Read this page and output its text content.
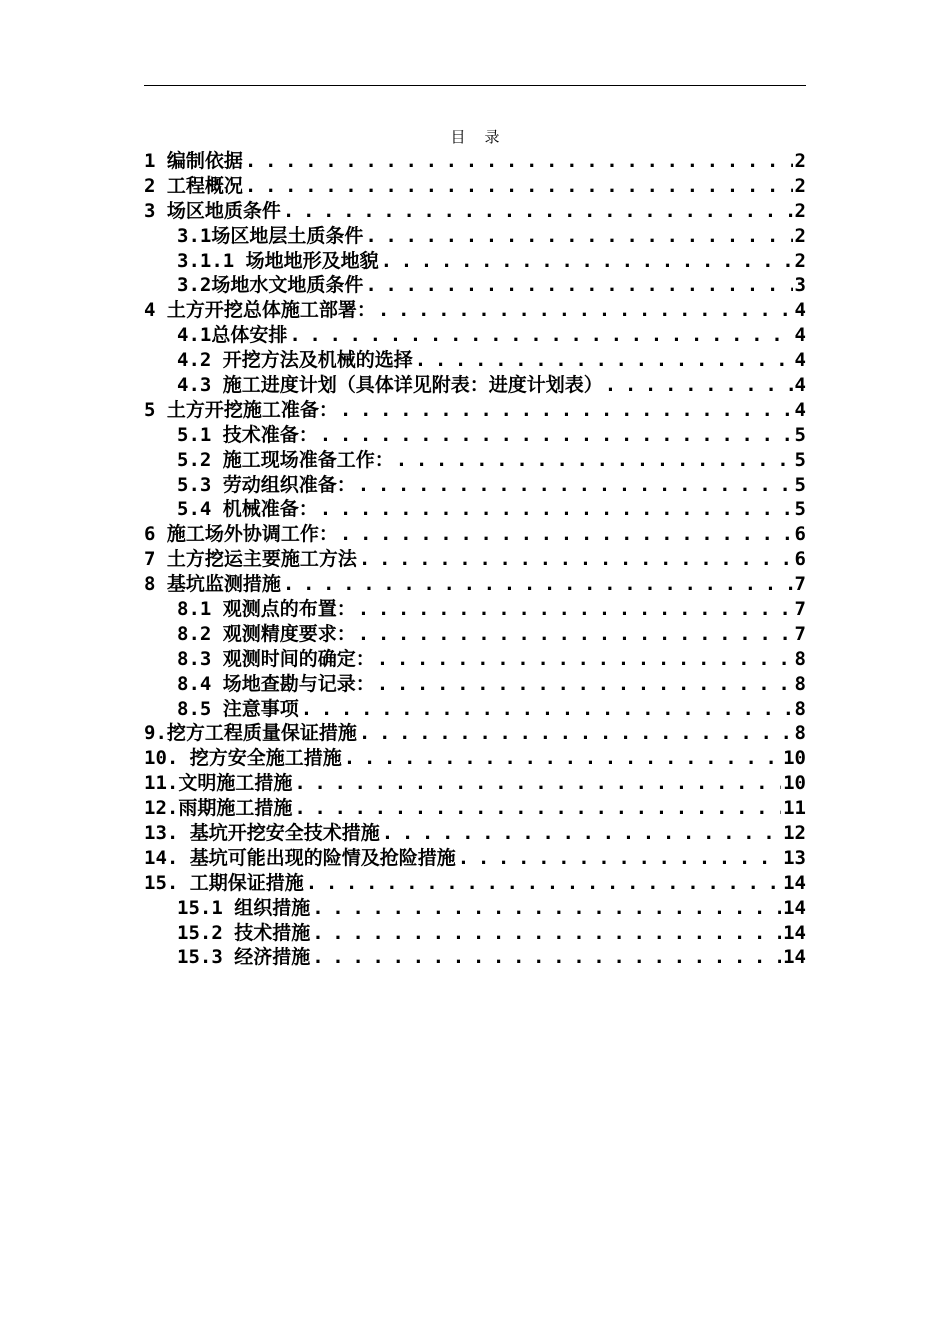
目    录
1 编制依据 . . .	2
2 工程概况 . . .	2
3 场区地质条件 . . .	2
3.1场区地层土质条件 . . .	2
3.1.1 场地地形及地貌 . . .	2
3.2场地水文地质条件 . . .	3
4 土方开挖总体施工部署： . . .	4
4.1总体安排 . . .	4
4.2 开挖方法及机械的选择 . . .	4
4.3 施工进度计划（具体详见附表：进度计划表） . . .	4
5 土方开挖施工准备： . . .	4
5.1 技术准备： . . .	5
5.2 施工现场准备工作： . . .	5
5.3 劳动组织准备： . . .	5
5.4 机械准备： . . .	5
6 施工场外协调工作： . . .	6
7 土方挖运主要施工方法 . . .	6
8 基坑监测措施 . . .	7
8.1 观测点的布置： . . .	7
8.2 观测精度要求： . . .	7
8.3 观测时间的确定： . . .	8
8.4 场地查勘与记录： . . .	8
8.5 注意事项 . . .	8
9.挖方工程质量保证措施 . . .	8
10. 挖方安全施工措施 . . .	10
11.文明施工措施 . . .	10
12.雨期施工措施 . . .	11
13. 基坑开挖安全技术措施 . . .	12
14. 基坑可能出现的险情及抢险措施 . . .	13
15. 工期保证措施 . . .	14
15.1 组织措施 . . .	14
15.2 技术措施 . . .	14
15.3 经济措施 . . .	14
